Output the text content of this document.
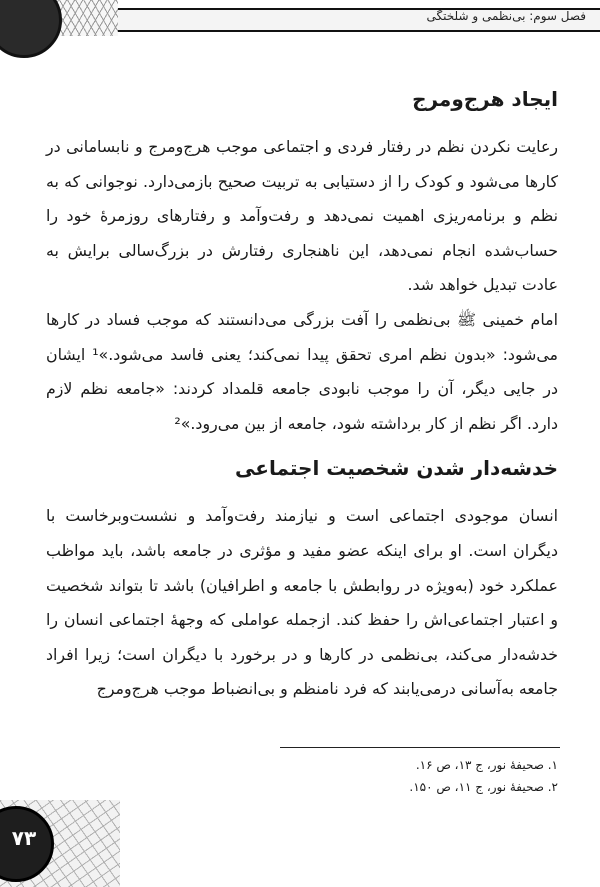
فصل سوم: بی‌نظمی و شلختگی
ایجاد هرج‌ومرج

رعایت نکردن نظم در رفتار فردی و اجتماعی موجب هرج‌ومرج و نابسامانی در کارها می‌شود و کودک را از دستیابی به تربیت صحیح بازمی‌دارد. نوجوانی که به نظم و برنامه‌ریزی اهمیت نمی‌دهد و رفت‌وآمد و رفتارهای روزمرهٔ خود را حساب‌شده انجام نمی‌دهد، این ناهنجاری رفتارش در بزرگ‌سالی برایش به عادت تبدیل خواهد شد.

امام خمینی ﷺ بی‌نظمی را آفت بزرگی می‌دانستند که موجب فساد در کارها می‌شود: «بدون نظم امری تحقق پیدا نمی‌کند؛ یعنی فاسد می‌شود.»¹ ایشان در جایی دیگر، آن را موجب نابودی جامعه قلمداد کردند: «جامعه نظم لازم دارد. اگر نظم از کار برداشته شود، جامعه از بین می‌رود.»²

خدشه‌دار شدن شخصیت اجتماعی

انسان موجودی اجتماعی است و نیازمند رفت‌وآمد و نشست‌وبرخاست با دیگران است. او برای اینکه عضو مفید و مؤثری در جامعه باشد، باید مواظب عملکرد خود (به‌ویژه در روابطش با جامعه و اطرافیان) باشد تا بتواند شخصیت و اعتبار اجتماعی‌اش را حفظ کند. ازجمله عواملی که وجههٔ اجتماعی انسان را خدشه‌دار می‌کند، بی‌نظمی در کارها و در برخورد با دیگران است؛ زیرا افراد جامعه به‌آسانی درمی‌یابند که فرد نامنظم و بی‌انضباط موجب هرج‌ومرج

۱. صحیفهٔ نور، ج ۱۳، ص ۱۶.

۲. صحیفهٔ نور، ج ۱۱، ص ۱۵۰.

۷۳
